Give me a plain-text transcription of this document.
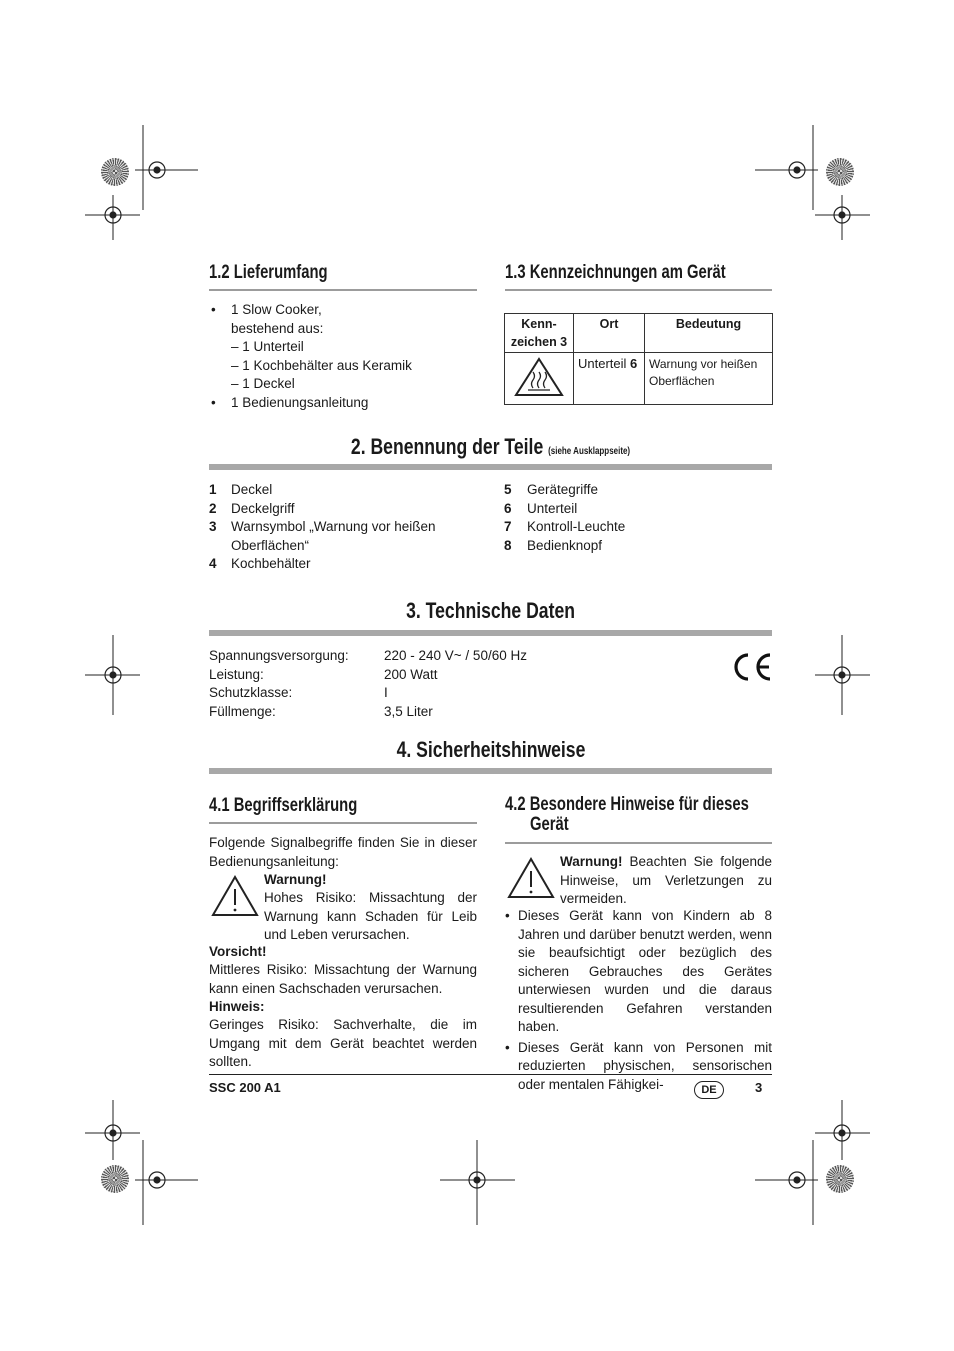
1.2 Lieferumfang
• 1 Slow Cooker,
bestehend aus:
– 1 Unterteil
– 1 Kochbehälter aus Keramik
– 1 Deckel
• 1 Bedienungsanleitung
1.3 Kennzeichnungen am Gerät
Kenn-
zeichen 3	Ort	Bedeutung
	Unterteil 6	Warnung vor heißen Oberflächen
2. Benennung der Teile (siehe Ausklappseite)
1	Deckel
2	Deckelgriff
3	Warnsymbol „Warnung vor heißen
Oberflächen“
4	Kochbehälter
5	Gerätegriffe
6	Unterteil
7	Kontroll-Leuchte
8	Bedienknopf
3. Technische Daten
Spannungsversorgung:	220 - 240 V~ / 50/60 Hz
Leistung:	200 Watt
Schutzklasse:	I
Füllmenge:	3,5 Liter
4. Sicherheitshinweise
4.1 Begriffserklärung
Folgende Signalbegriffe finden Sie in dieser Bedienungsanleitung:
Warnung!
Hohes Risiko: Missachtung der Warnung kann Schaden für Leib und Leben verursachen.
Vorsicht!
Mittleres Risiko: Missachtung der Warnung kann einen Sachschaden verursachen.
Hinweis:
Geringes Risiko: Sachverhalte, die im Umgang mit dem Gerät beachtet werden sollten.
4.2 Besondere Hinweise für dieses
Gerät
Warnung! Beachten Sie folgende Hinweise, um Verletzungen zu vermeiden.
• Dieses Gerät kann von Kindern ab 8 Jahren und darüber benutzt werden, wenn sie beaufsichtigt oder bezüglich des sicheren Gebrauches des Gerätes unterwiesen wurden und die daraus resultierenden Gefahren verstanden haben.
• Dieses Gerät kann von Personen mit reduzierten physischen, sensorischen oder mentalen Fähigkei-
SSC 200 A1	DE	3
